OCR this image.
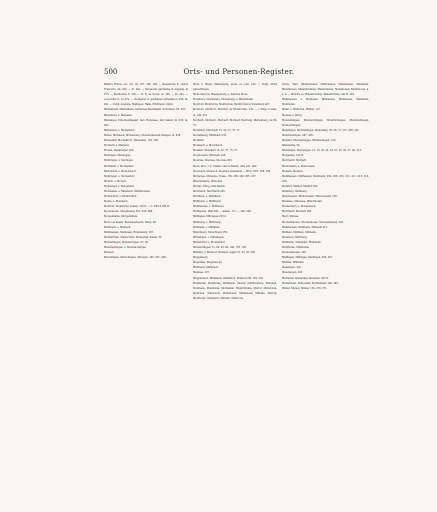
500	Orts- und Personen-Register.

Mäntre Fräres, sor. ord. 92, 187, 208, 209. — Benedictus fr. custos Francorte, 90, 209, — In. 241. — Bergaerus gardianus in Augusta, in 273. — Bertholdus fr. 209. — B. fr. de Nuwe, in. 256, — In. 241. — Leopoldus fr., in 272. — Wolfgerus fr. gardianus Ulmensis in 236, in. 241. — Vergl. Augusta, Esslingen, Halle, Ertzlingen, Spira.

Mindelheim, Mindelheim, bairisches Bezirksamt, Schwaben. 85. 261.

Mindelnau, s. Mindelau.

Mindelsee, Unterbezirksamt, Gen. Bodensee, Amt Salem, in. 255, in. 262.

Mittelbach, s. Michelbach.

Mödel, Mödeleck, Mödelsberg, Oberamtsbezirk Wangen, in. 268.

Mösenfeld, Mochelfrurt, Mindelnau. 102, 268.

Morhard, s. Meinard.

Modell, Wennberger 206.

Mödingen, Mössingen.

Möhringen, s. Meringen.

Mörmkuft, s. Morsenfeld.

Mönchdorf, s. Munichsdorf.

Möhringen, s. Morsenfurt.

Mörsch, s. Morsch.

Mollenbad, s. Mulenbach.

Molsbaden, s. Mülsbach, Mülsbrunnen.

Monnichhof, s. Mönnichhof.

Monte, s. Mombach.

Montfort, Montforter Grafen, 232 ff. — C. Ulrich 288 ff.

Mooshausen, Mosehausen 207, 239, 288.

Morgenhalde, Morgenhälde.

Motz, bei Salem. Bodenseebezirk, Weigl. 46.

Mühlbach, s. Mulbach.

Mühlhausen, Mulhusen, Hiltensberg, 207.

Mulsterrieth, Mulserrieth, Mulsertiet, Salem, 83.

Mundelfingen, Mundulvingen, 87, 90.

Mundrachingen, s. Mundrachingen.

Mudach.

Münchingen, Munichingen, Munigen, 206, 247, 248.

Mons S. Marie, Marienberg, prem. et cons. 160. — Vergl. Mons Gamertingen.

Mons Sanctus, Heiligenberg, s. Sanctus Mons.

Monsberg, Mondsberg, Mondsberg, s. Mindelheim.

Montfort, Montfortsi, Montfortsis, Montfortsis in Vorarlberg 407.

Montfort, Montfort, Montfort de Montfortsis, 232. — 1 Hugo Comes, in. 120, 251.

Morbach, Morbach, Morbach, Morbach Werbung, Marienberg, de 59, 75.

Morsbach, Mürrbach 15, 30, 27, 75, 77.

Mortelsberg, Mühlbach 235.

Morhard.

Morsbach, s. Muorsbach.

Moshart, Mosehart 15, 30, 37, 75, 77.

Moysterlach, Mittstadt 235.

Moursse, Moursse, Moursse 206.

Moos, Mos, 7 A. Lindau oder G.-Bezirk, 430, 431, 460.

Moosbach, Mosbach, Mosbach Gemeinde — Prior 1261, 254, 259.

Müttenwe, Mutenwe, Nuwe, 160, 206, 248, 255, 237.

Münchenberg, München.

Murgia, Murg, Orts-Bezirk.

Murrhardt, Murrhardt 226.

Muttbach, s. Muhlbach.

Mühlbach, s. Mühlbach.

Mühlhausen, s. Mulhusen.

Mülhausen, Müll 206. — Salme. 111. — 206, 228.

Mülhagen, Mühlagen 229 d.

Mühlberg, s. Mühlberg.

Müllheim, s. Müllheim.

Münchberg, Munchberg 255.

Münsingen, s. Münsingen.

Münsterhof, s. Monsterhof.

Münsterlingen, 61, 62, 63, 64, 140, 178, 199.

Münster, s. Mönster, Munster. Agger 61, 52, 58, 206.

Muggelberg.

Mugernau, Mugenau 44.

Mühlbach, Mühlbach.

Mumsee, 207.

Muppersdorf, Mühlbach, Mühlkirch, Mulmoth 80, 160, 292.

Mulnhofen, Mulnhofen, Mühlheim, Mulrof, Muinbrunnen, Muinfeld, Muinhaus, Mulzhofen, Molnhafen, Mülprünning, Mulrof, Muinhofen, Mulhofen, Mulendorf, Mulinhofen, Mulhausen, Mühlau, Mulrup, Mulnhofen, Mulzbach, Mulrath, Mulnrode.

burne, Muli, Mulnbrunnen, Mulbrunnen, Mulenhusen, Muleheim, Mulenhusen, Mulenbrunnen, Mulebrunnen, Mulenhusen, Mulinhoven, u. s. w. — Mönche zu Mulenbrunnen, Mulenbrunne, Abt H. 269.

Mühlhausen, s. Mulhusen, Mulhausen, Mulnhusen, Mulnheim, Mulnhofen.

Mülln, s. Mülhofen, Müllen, 110.

Mursee, s. Murg.

Munderkingen, Munderchingen, Mundrichingen, Mundrachingen, Munterchingen.

Mundingen, Mundelfingen, Mundeling, 35, 36, 37, 237, 238, 241.

Mundrachingen, 247, 258.

Münster, Munsterlingen, Münsterlingen, 160.

Münstertal, 94.

Münsingen, Munisingen, 15, 19, 20, 22, 23, 27, 29, 35, 37, 40, 213.

Murgental, 142 ff.

Murrhardt, Murhart.

Mutschellen, s. Mutschelen.

Mudach, Mudach.

Muhlhausen, Mülhausen, Muhlheim, 204, 208, 209, 211, 212, 218, 219, 226.

Muhlhof, Mülhof, Müllhof 222.

Mühlberg, Muhlberg.

Münchweiler, Münchweiler, Munchweiler, 130.

Mutelsee, Mutelsee, Münchhofen.

Mutzenbach, s. Mutzenbach.

Murrhardt, Murhart 260.

Murr, Mursee.

Mockenhausen, Mockenhusen, Muckenhausen, 203.

Mühlhausen, Muhlheim, Mülheim 213.

Mülhein, Müllhein, Mülheim.

Mursberg, Mürsberg.

Mühlheim, Mulnheim, Mühlheim.

Mulnhofen, Mühlhofen.

Muckenhausen, 265.

Mülfingen, Mülingen, Mulfingen, 206, 207.

Mühltal, Mühlthal.

Mussingen, 263.

Muswangen, 203.

Muttental, Mutenthal, Mutental, 262 ff.

Mutterstadt, Mutterstat, Mutterstadt, 240, 243.

Müller, Mulner, Mülner 160, 270, 271.
